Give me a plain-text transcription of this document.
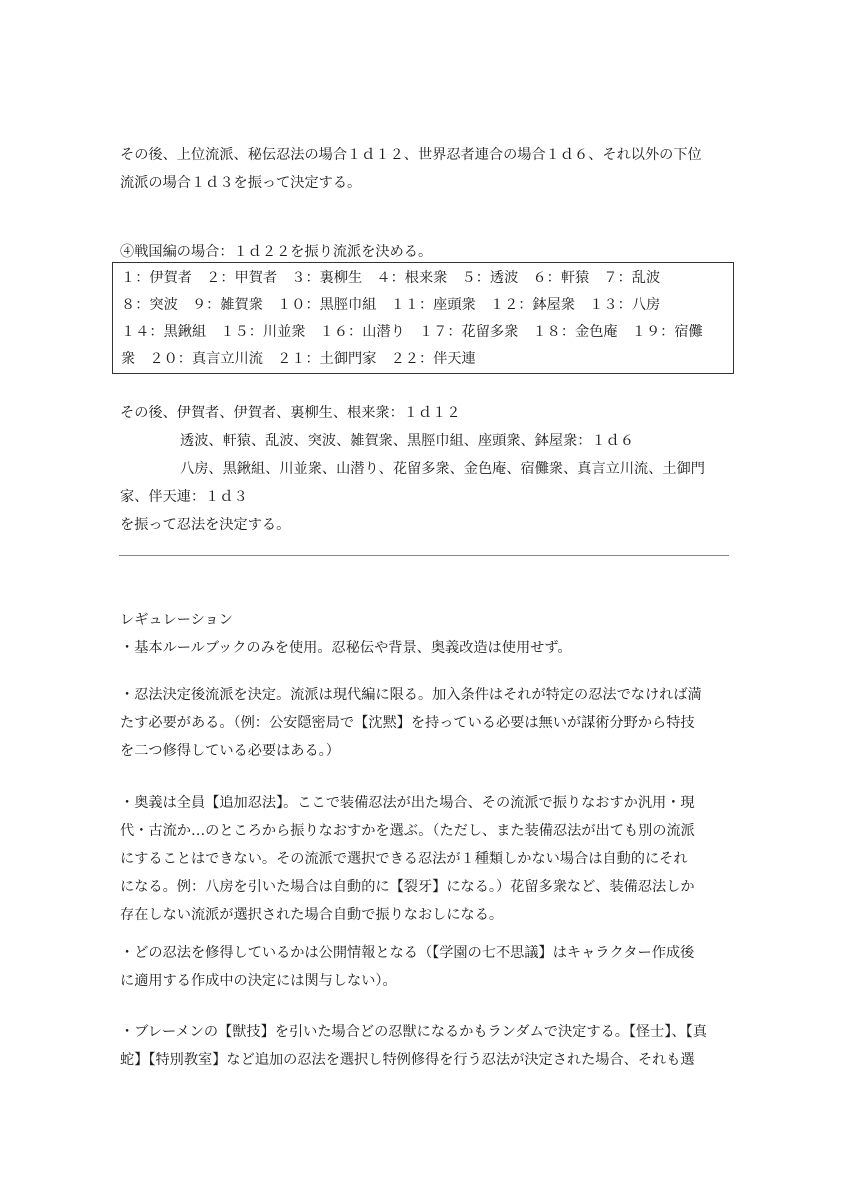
その後、上位流派、秘伝忍法の場合１ｄ１２、世界忍者連合の場合１ｄ６、それ以外の下位
流派の場合１ｄ３を振って決定する。
④戦国編の場合：１ｄ２２を振り流派を決める。
１：伊賀者　２：甲賀者　３：裏柳生　４：根来衆　５：透波　６：軒猿　７：乱波
８：突波　９：雑賀衆　１０：黒脛巾組　１１：座頭衆　１２：鉢屋衆　１３：八房
１４：黒鍬組　１５：川並衆　１６：山潜り　１７：花留多衆　１８：金色庵　１９：宿儺
衆　２０：真言立川流　２１：土御門家　２２：伴天連
その後、伊賀者、伊賀者、裏柳生、根来衆：１ｄ１２
透波、軒猿、乱波、突波、雑賀衆、黒脛巾組、座頭衆、鉢屋衆：１ｄ６
八房、黒鍬組、川並衆、山潜り、花留多衆、金色庵、宿儺衆、真言立川流、土御門
家、伴天連：１ｄ３
を振って忍法を決定する。
レギュレーション
・基本ルールブックのみを使用。忍秘伝や背景、奥義改造は使用せず。
・忍法決定後流派を決定。流派は現代編に限る。加入条件はそれが特定の忍法でなければ満
たす必要がある。（例：公安隠密局で【沈黙】を持っている必要は無いが謀術分野から特技
を二つ修得している必要はある。）
・奥義は全員【追加忍法】。ここで装備忍法が出た場合、その流派で振りなおすか汎用・現
代・古流か…のところから振りなおすかを選ぶ。（ただし、また装備忍法が出ても別の流派
にすることはできない。その流派で選択できる忍法が１種類しかない場合は自動的にそれ
になる。例：八房を引いた場合は自動的に【裂牙】になる。）花留多衆など、装備忍法しか
存在しない流派が選択された場合自動で振りなおしになる。
・どの忍法を修得しているかは公開情報となる（【学園の七不思議】はキャラクター作成後
に適用する作成中の決定には関与しない）。
・ブレーメンの【獣技】を引いた場合どの忍獣になるかもランダムで決定する。【怪士】、【真
蛇】【特別教室】など追加の忍法を選択し特例修得を行う忍法が決定された場合、それも選
